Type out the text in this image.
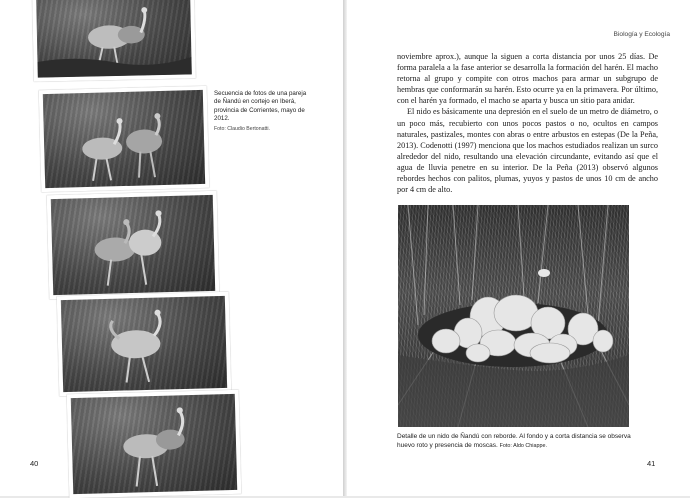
Secuencia de fotos de una pareja de Ñandú en cortejo en Iberá, provincia de Corrientes, mayo de 2012.
Foto: Claudio Bertonatti.
40
Biología y Ecología

noviembre aprox.), aunque la siguen a corta distancia por unos 25 días. De forma paralela a la fase anterior se desarrolla la formación del harén. El macho retorna al grupo y compite con otros machos para armar un subgrupo de hembras que conformarán su harén. Esto ocurre ya en la primavera. Por último, con el harén ya formado, el macho se aparta y busca un sitio para anidar.

El nido es básicamente una depresión en el suelo de un metro de diámetro, o un poco más, recubierto con unos pocos pastos o no, ocultos en campos naturales, pastizales, montes con abras o entre arbustos en estepas (De la Peña, 2013). Codenotti (1997) menciona que los machos estudiados realizan un surco alrededor del nido, resultando una elevación circundante, evitando así que el agua de lluvia penetre en su interior. De la Peña (2013) observó algunos rebordes hechos con palitos, plumas, yuyos y pastos de unos 10 cm de ancho por 4 cm de alto.

Detalle de un nido de Ñandú con reborde. Al fondo y a corta distancia se observa huevo roto y presencia de moscas. Foto: Aldo Chiappe.
41
